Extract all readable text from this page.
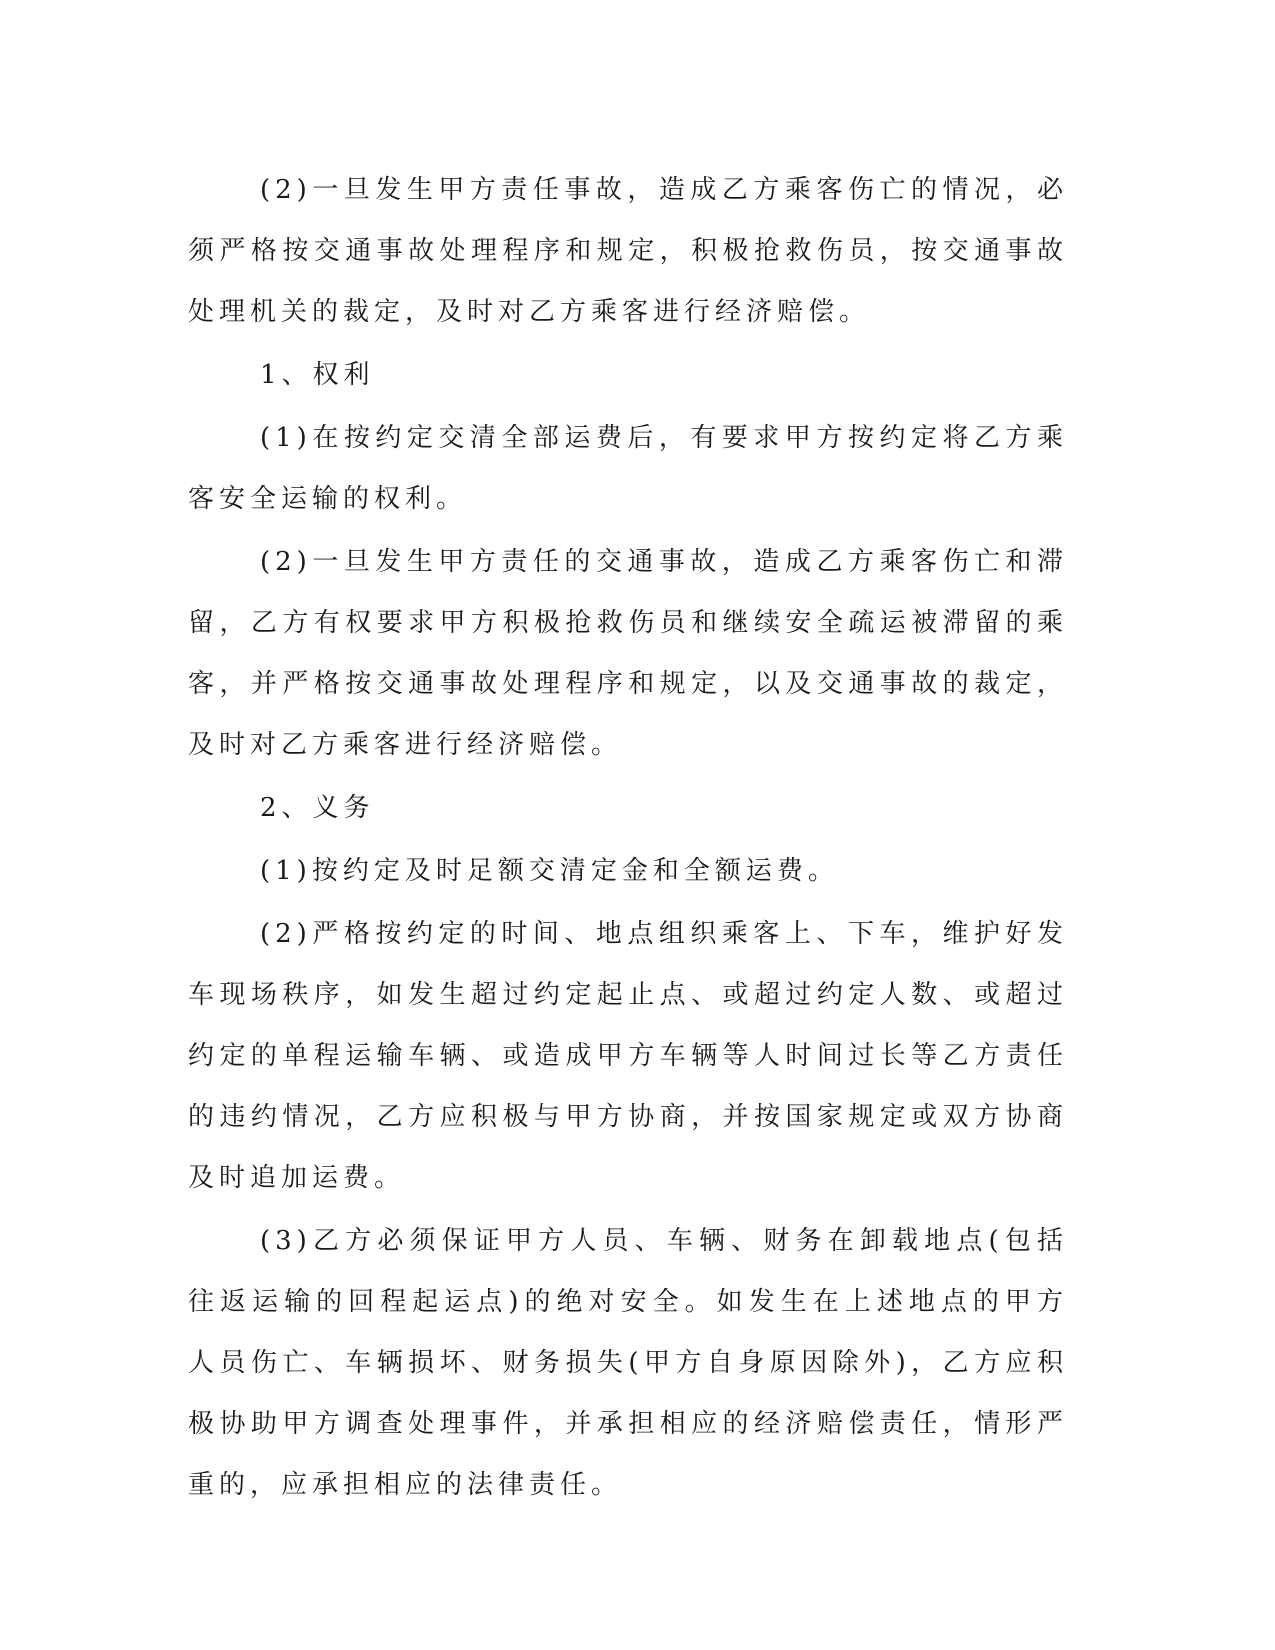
(2)一旦发生甲方责任事故，造成乙方乘客伤亡的情况，必须严格按交通事故处理程序和规定，积极抢救伤员，按交通事故处理机关的裁定，及时对乙方乘客进行经济赔偿。

1、权利

(1)在按约定交清全部运费后，有要求甲方按约定将乙方乘客安全运输的权利。

(2)一旦发生甲方责任的交通事故，造成乙方乘客伤亡和滞留，乙方有权要求甲方积极抢救伤员和继续安全疏运被滞留的乘客，并严格按交通事故处理程序和规定，以及交通事故的裁定，及时对乙方乘客进行经济赔偿。

2、义务

(1)按约定及时足额交清定金和全额运费。

(2)严格按约定的时间、地点组织乘客上、下车，维护好发车现场秩序，如发生超过约定起止点、或超过约定人数、或超过约定的单程运输车辆、或造成甲方车辆等人时间过长等乙方责任的违约情况，乙方应积极与甲方协商，并按国家规定或双方协商及时追加运费。

(3)乙方必须保证甲方人员、车辆、财务在卸载地点(包括往返运输的回程起运点)的绝对安全。如发生在上述地点的甲方人员伤亡、车辆损坏、财务损失(甲方自身原因除外)，乙方应积极协助甲方调查处理事件，并承担相应的经济赔偿责任，情形严重的，应承担相应的法律责任。
